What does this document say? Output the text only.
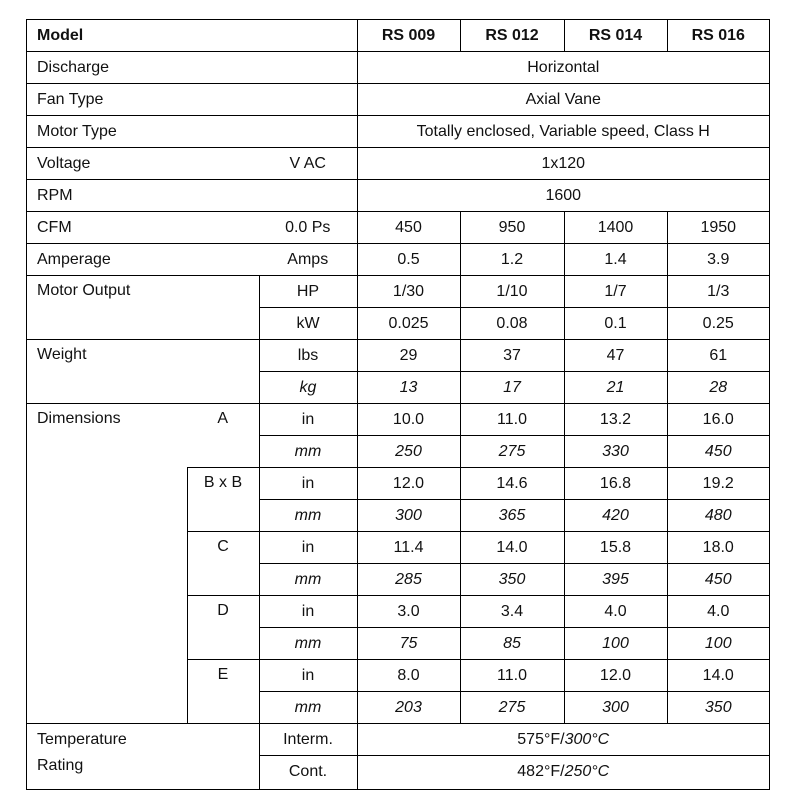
Model			RS 009	RS 012	RS 014	RS 016
Discharge			Horizontal			
Fan Type			Axial Vane			
Motor Type			Totally enclosed, Variable speed, Class H			
Voltage		V AC	1x120			
RPM			1600			
CFM		0.0 Ps	450	950	1400	1950
Amperage		Amps	0.5	1.2	1.4	3.9
Motor Output		HP	1/30	1/10	1/7	1/3
		kW	0.025	0.08	0.1	0.25
Weight		lbs	29	37	47	61
		kg	13	17	21	28
Dimensions	A	in	10.0	11.0	13.2	16.0
		mm	250	275	330	450
	B x B	in	12.0	14.6	16.8	19.2
		mm	300	365	420	480
	C	in	11.4	14.0	15.8	18.0
		mm	285	350	395	450
	D	in	3.0	3.4	4.0	4.0
		mm	75	85	100	100
	E	in	8.0	11.0	12.0	14.0
		mm	203	275	300	350
Temperature		Interm.	575°F/300°C			
Rating		Cont.	482°F/250°C			
